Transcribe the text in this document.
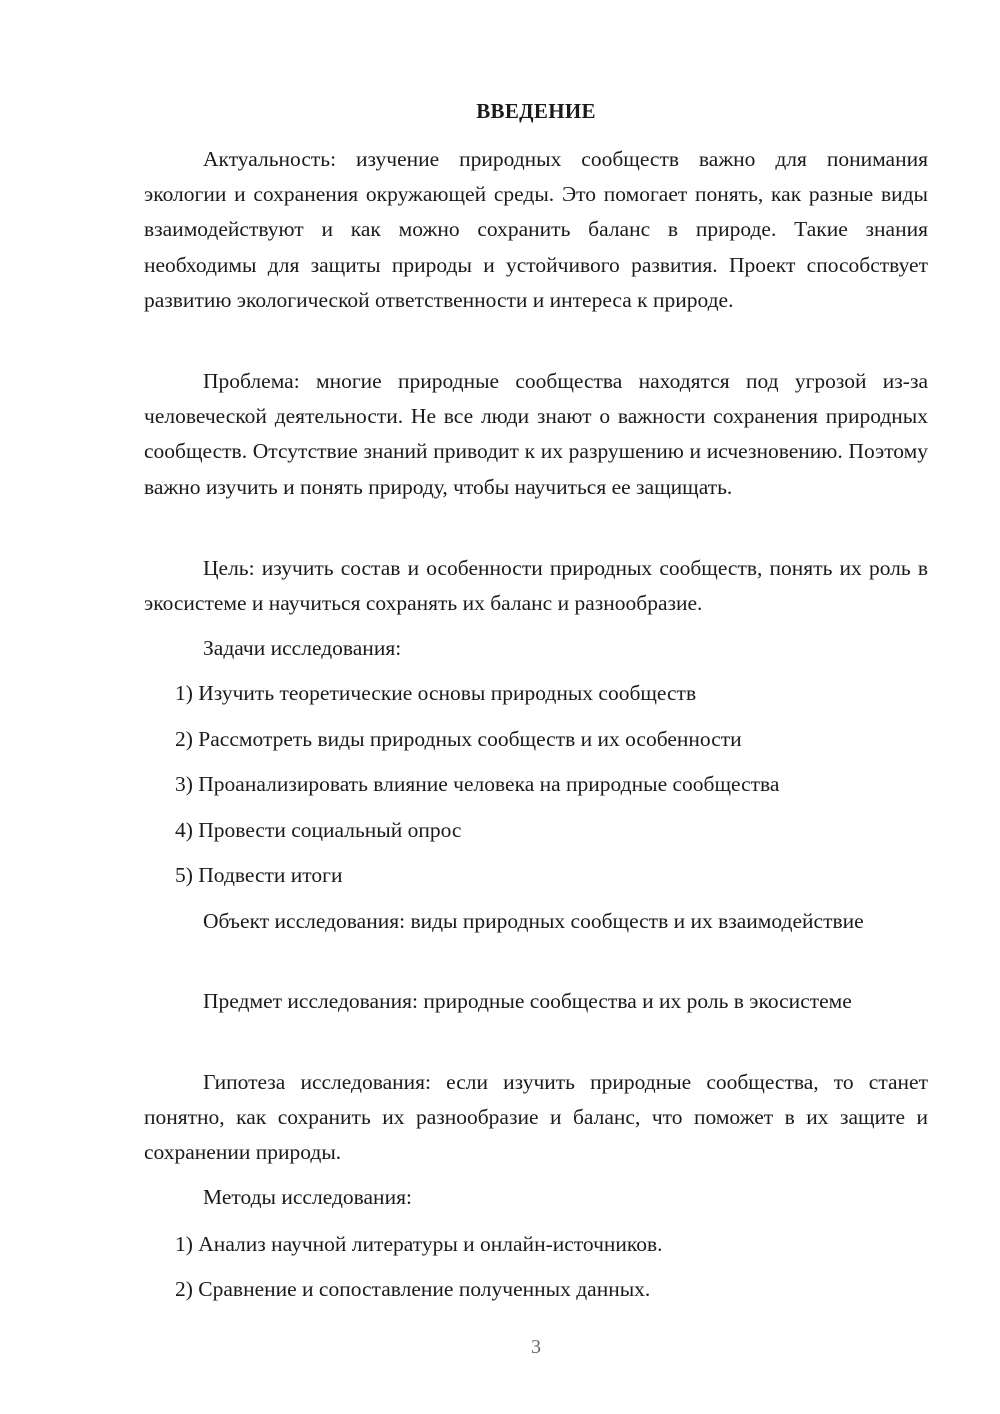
ВВЕДЕНИЕ

Актуальность: изучение природных сообществ важно для понимания экологии и сохранения окружающей среды. Это помогает понять, как разные виды взаимодействуют и как можно сохранить баланс в природе. Такие знания необходимы для защиты природы и устойчивого развития. Проект способствует развитию экологической ответственности и интереса к природе.

Проблема: многие природные сообщества находятся под угрозой из-за человеческой деятельности. Не все люди знают о важности сохранения природных сообществ. Отсутствие знаний приводит к их разрушению и исчезновению. Поэтому важно изучить и понять природу, чтобы научиться ее защищать.

Цель: изучить состав и особенности природных сообществ, понять их роль в экосистеме и научиться сохранять их баланс и разнообразие.

Задачи исследования:

1) Изучить теоретические основы природных сообществ

2) Рассмотреть виды природных сообществ и их особенности

3) Проанализировать влияние человека на природные сообщества

4) Провести социальный опрос

5) Подвести итоги

Объект исследования: виды природных сообществ и их взаимодействие

Предмет исследования: природные сообщества и их роль в экосистеме

Гипотеза исследования: если изучить природные сообщества, то станет понятно, как сохранить их разнообразие и баланс, что поможет в их защите и сохранении природы.

Методы исследования:

1) Анализ научной литературы и онлайн-источников.

2) Сравнение и сопоставление полученных данных.

3
